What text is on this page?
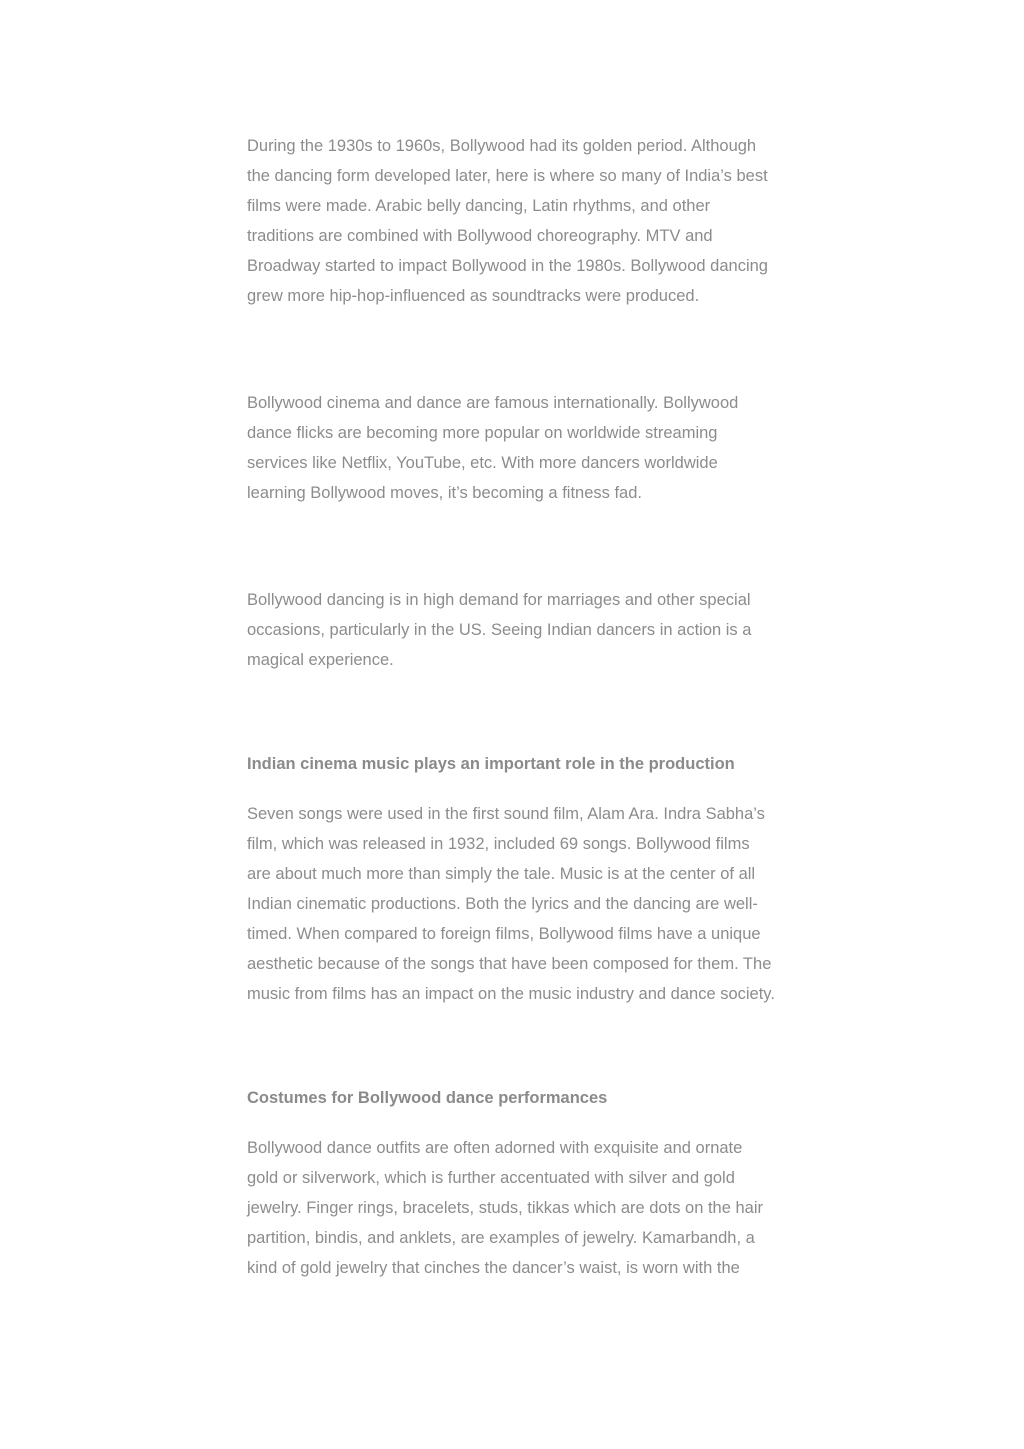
During the 1930s to 1960s, Bollywood had its golden period. Although the dancing form developed later, here is where so many of India’s best films were made. Arabic belly dancing, Latin rhythms, and other traditions are combined with Bollywood choreography. MTV and Broadway started to impact Bollywood in the 1980s. Bollywood dancing grew more hip-hop-influenced as soundtracks were produced.

Bollywood cinema and dance are famous internationally. Bollywood dance flicks are becoming more popular on worldwide streaming services like Netflix, YouTube, etc. With more dancers worldwide learning Bollywood moves, it’s becoming a fitness fad.

Bollywood dancing is in high demand for marriages and other special occasions, particularly in the US. Seeing Indian dancers in action is a magical experience.

Indian cinema music plays an important role in the production

Seven songs were used in the first sound film, Alam Ara. Indra Sabha’s film, which was released in 1932, included 69 songs. Bollywood films are about much more than simply the tale. Music is at the center of all Indian cinematic productions. Both the lyrics and the dancing are well-timed. When compared to foreign films, Bollywood films have a unique aesthetic because of the songs that have been composed for them. The music from films has an impact on the music industry and dance society.

Costumes for Bollywood dance performances

Bollywood dance outfits are often adorned with exquisite and ornate gold or silverwork, which is further accentuated with silver and gold jewelry. Finger rings, bracelets, studs, tikkas which are dots on the hair partition, bindis, and anklets, are examples of jewelry. Kamarbandh, a kind of gold jewelry that cinches the dancer’s waist, is worn with the
